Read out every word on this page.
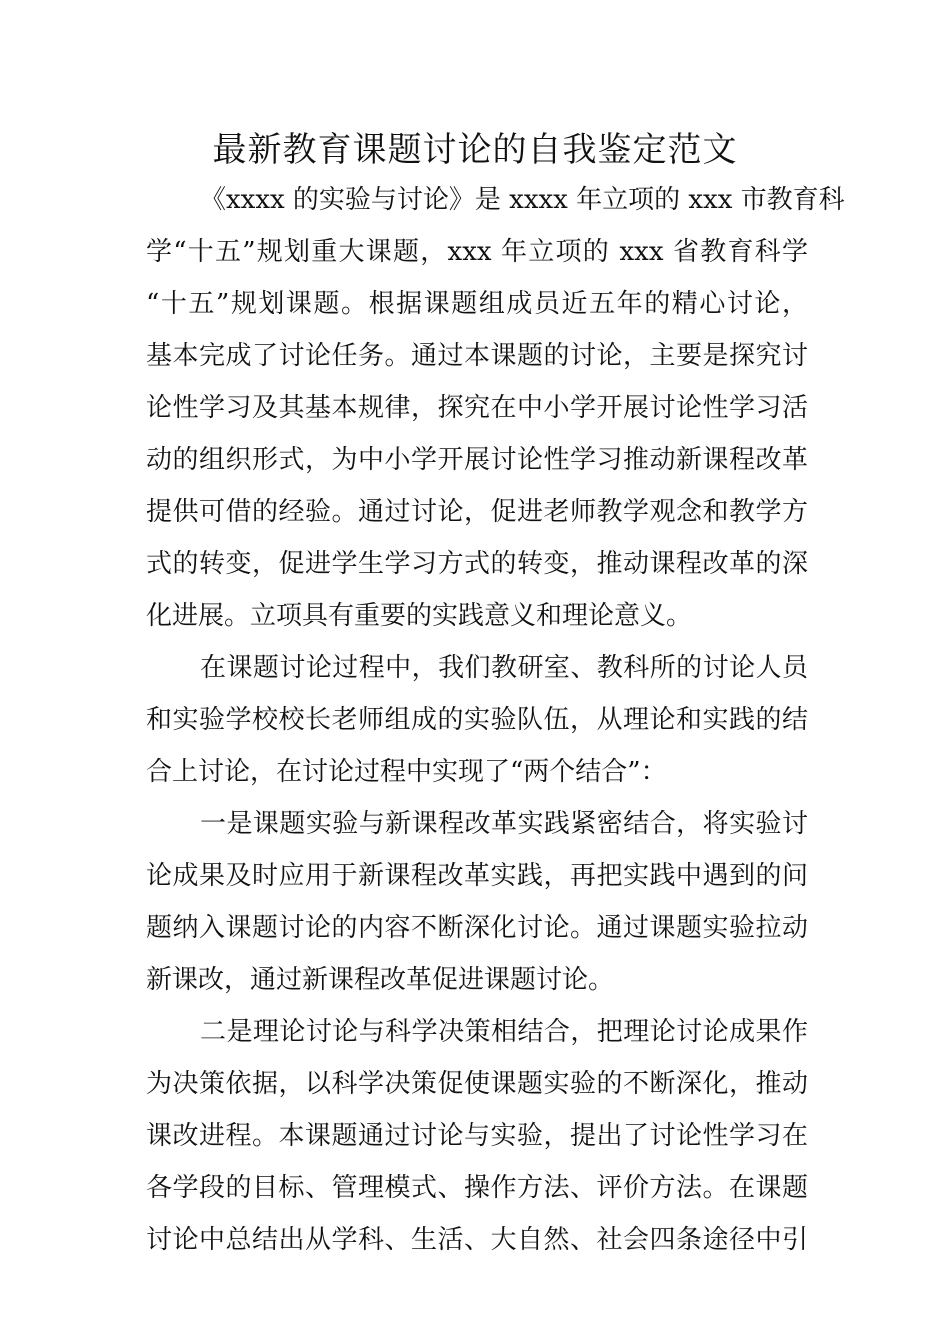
最新教育课题讨论的自我鉴定范文
《xxxx 的实验与讨论》是 xxxx 年立项的 xxx 市教育科
学“十五”规划重大课题，xxx 年立项的 xxx 省教育科学
“十五”规划课题。根据课题组成员近五年的精心讨论，
基本完成了讨论任务。通过本课题的讨论，主要是探究讨
论性学习及其基本规律，探究在中小学开展讨论性学习活
动的组织形式，为中小学开展讨论性学习推动新课程改革
提供可借的经验。通过讨论，促进老师教学观念和教学方
式的转变，促进学生学习方式的转变，推动课程改革的深
化进展。立项具有重要的实践意义和理论意义。
在课题讨论过程中，我们教研室、教科所的讨论人员
和实验学校校长老师组成的实验队伍，从理论和实践的结
合上讨论，在讨论过程中实现了“两个结合”：
一是课题实验与新课程改革实践紧密结合，将实验讨
论成果及时应用于新课程改革实践，再把实践中遇到的问
题纳入课题讨论的内容不断深化讨论。通过课题实验拉动
新课改，通过新课程改革促进课题讨论。
二是理论讨论与科学决策相结合，把理论讨论成果作
为决策依据，以科学决策促使课题实验的不断深化，推动
课改进程。本课题通过讨论与实验，提出了讨论性学习在
各学段的目标、管理模式、操作方法、评价方法。在课题
讨论中总结出从学科、生活、大自然、社会四条途径中引
